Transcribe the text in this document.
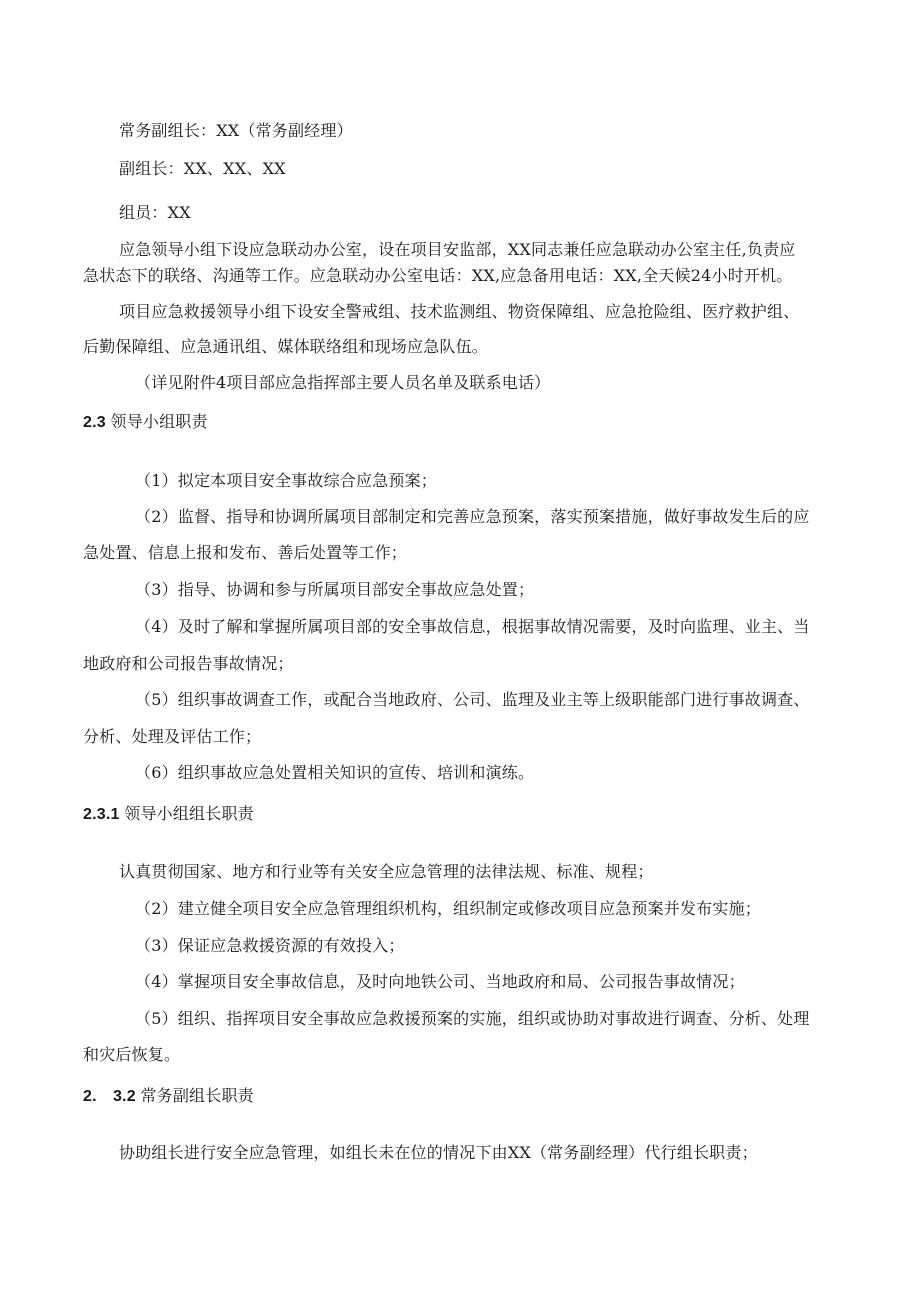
常务副组长：XX（常务副经理）
副组长：XX、XX、XX
组员：XX
应急领导小组下设应急联动办公室，设在项目安监部，XX同志兼任应急联动办公室主任,负责应
急状态下的联络、沟通等工作。应急联动办公室电话：XX,应急备用电话：XX,全天候24小时开机。
项目应急救援领导小组下设安全警戒组、技术监测组、物资保障组、应急抢险组、医疗救护组、
后勤保障组、应急通讯组、媒体联络组和现场应急队伍。
（详见附件4项目部应急指挥部主要人员名单及联系电话）
2.3 领导小组职责
（1）拟定本项目安全事故综合应急预案；
（2）监督、指导和协调所属项目部制定和完善应急预案，落实预案措施，做好事故发生后的应
急处置、信息上报和发布、善后处置等工作；
（3）指导、协调和参与所属项目部安全事故应急处置；
（4）及时了解和掌握所属项目部的安全事故信息，根据事故情况需要，及时向监理、业主、当
地政府和公司报告事故情况；
（5）组织事故调查工作，或配合当地政府、公司、监理及业主等上级职能部门进行事故调查、
分析、处理及评估工作；
（6）组织事故应急处置相关知识的宣传、培训和演练。
2.3.1 领导小组组长职责
认真贯彻国家、地方和行业等有关安全应急管理的法律法规、标准、规程；
（2）建立健全项目安全应急管理组织机构，组织制定或修改项目应急预案并发布实施；
（3）保证应急救援资源的有效投入；
（4）掌握项目安全事故信息，及时向地铁公司、当地政府和局、公司报告事故情况；
（5）组织、指挥项目安全事故应急救援预案的实施，组织或协助对事故进行调查、分析、处理
和灾后恢复。
2.　3.2 常务副组长职责
协助组长进行安全应急管理，如组长未在位的情况下由XX（常务副经理）代行组长职责；
